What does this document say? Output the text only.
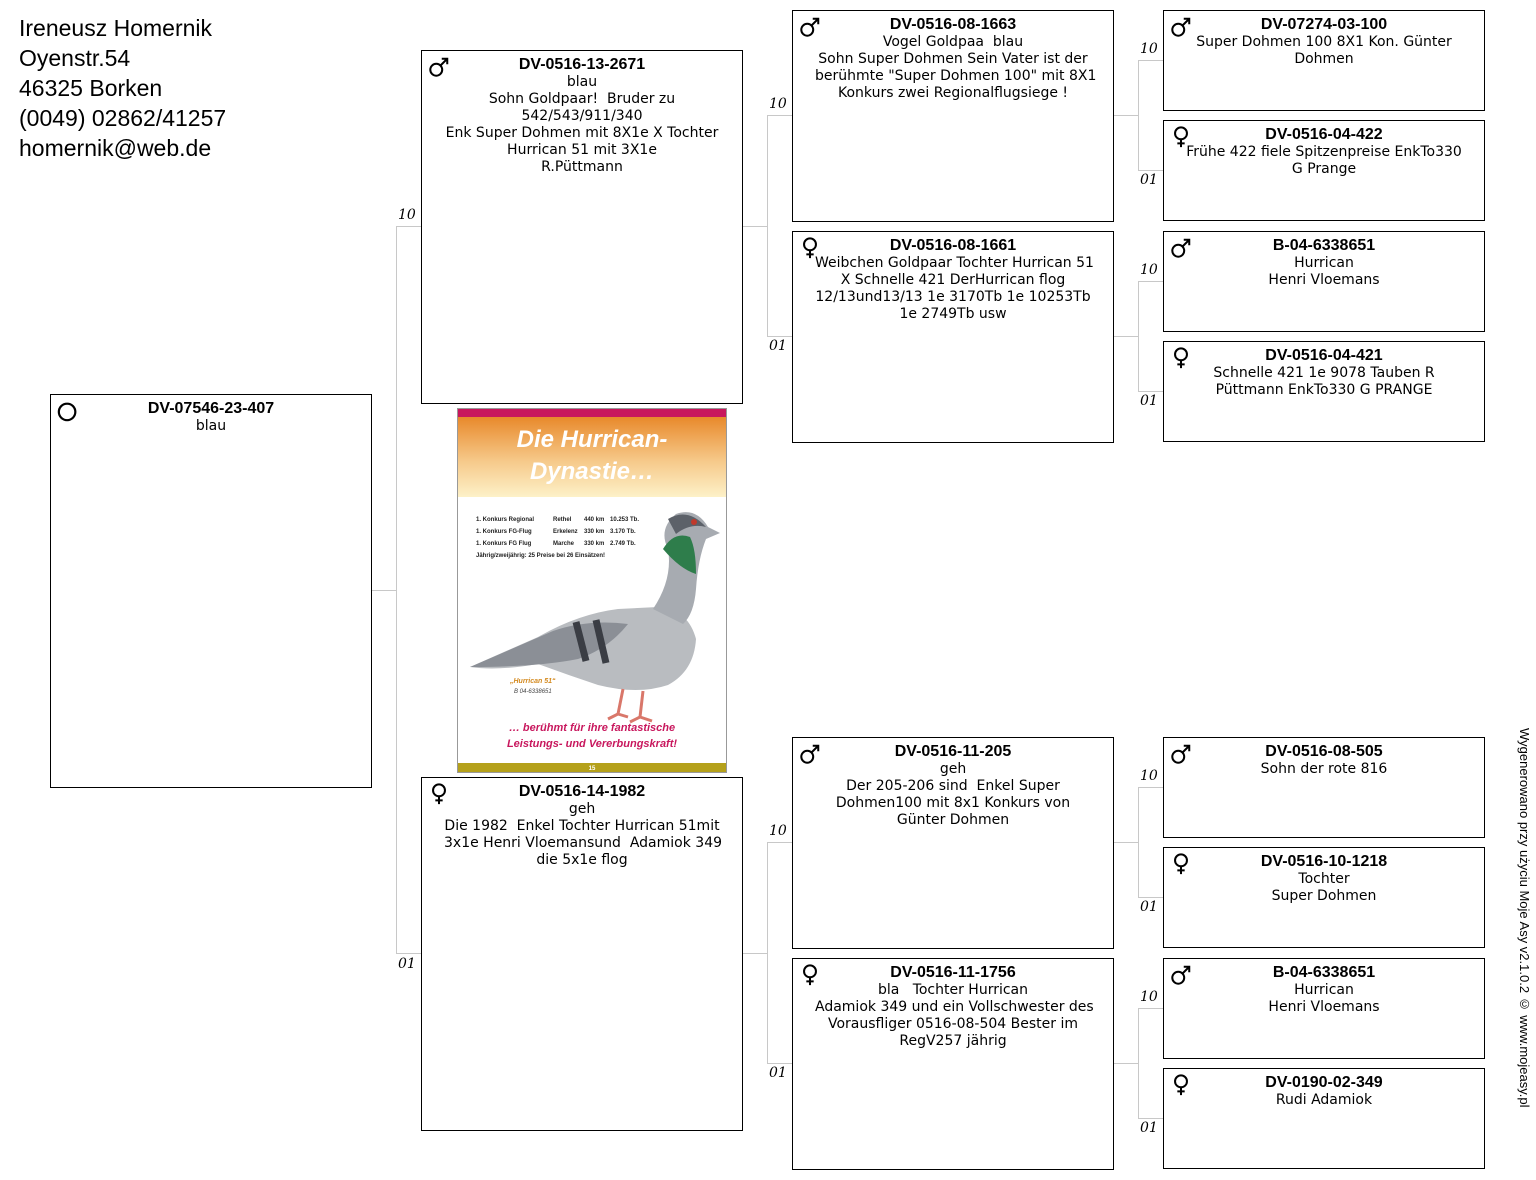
Ireneusz Homernik
Oyenstr.54
46325 Borken
(0049) 02862/41257
homernik@web.de
10
01
10
01
10
01
10
01
10
01
10
01
10
01
DV-07546-23-407
blau
DV-0516-13-2671
blau
Sohn Goldpaar!  Bruder zu
542/543/911/340
Enk Super Dohmen mit 8X1e X Tochter
Hurrican 51 mit 3X1e
R.Püttmann
DV-0516-14-1982
geh
Die 1982  Enkel Tochter Hurrican 51mit
3x1e Henri Vloemansund  Adamiok 349
die 5x1e flog
DV-0516-08-1663
Vogel Goldpaa  blau
Sohn Super Dohmen Sein Vater ist der
berühmte "Super Dohmen 100" mit 8X1
Konkurs zwei Regionalflugsiege !
DV-0516-08-1661
Weibchen Goldpaar Tochter Hurrican 51
X Schnelle 421 DerHurrican flog
12/13und13/13 1e 3170Tb 1e 10253Tb
1e 2749Tb usw
DV-0516-11-205
geh
Der 205-206 sind  Enkel Super
Dohmen100 mit 8x1 Konkurs von
Günter Dohmen
DV-0516-11-1756
bla   Tochter Hurrican
Adamiok 349 und ein Vollschwester des
Vorausfliger 0516-08-504 Bester im
RegV257 jährig
DV-07274-03-100
Super Dohmen 100 8X1 Kon. Günter
Dohmen
DV-0516-04-422
Frühe 422 fiele Spitzenpreise EnkTo330
G Prange
B-04-6338651
Hurrican
Henri Vloemans
DV-0516-04-421
Schnelle 421 1e 9078 Tauben R
Püttmann EnkTo330 G PRANGE
DV-0516-08-505
Sohn der rote 816
DV-0516-10-1218
Tochter
Super Dohmen
B-04-6338651
Hurrican
Henri Vloemans
DV-0190-02-349
Rudi Adamiok
Die Hurrican-
Dynastie…
1. Konkurs Regional	Rethel 440 km 10.253 Tb.
1. Konkurs FG-Flug	Erkelenz 330 km 3.170 Tb.
1. Konkurs FG Flug	Marche 330 km 2.749 Tb.
Jährig/zweijährig: 25 Preise bei 26 Einsätzen!
„Hurrican 51“
B 04-6338651
… berühmt für ihre fantastische
Leistungs- und Vererbungskraft!
15	Wygenerowano przy użyciu Moje Asy v2.1.0.2 © www.mojeasy.pl
